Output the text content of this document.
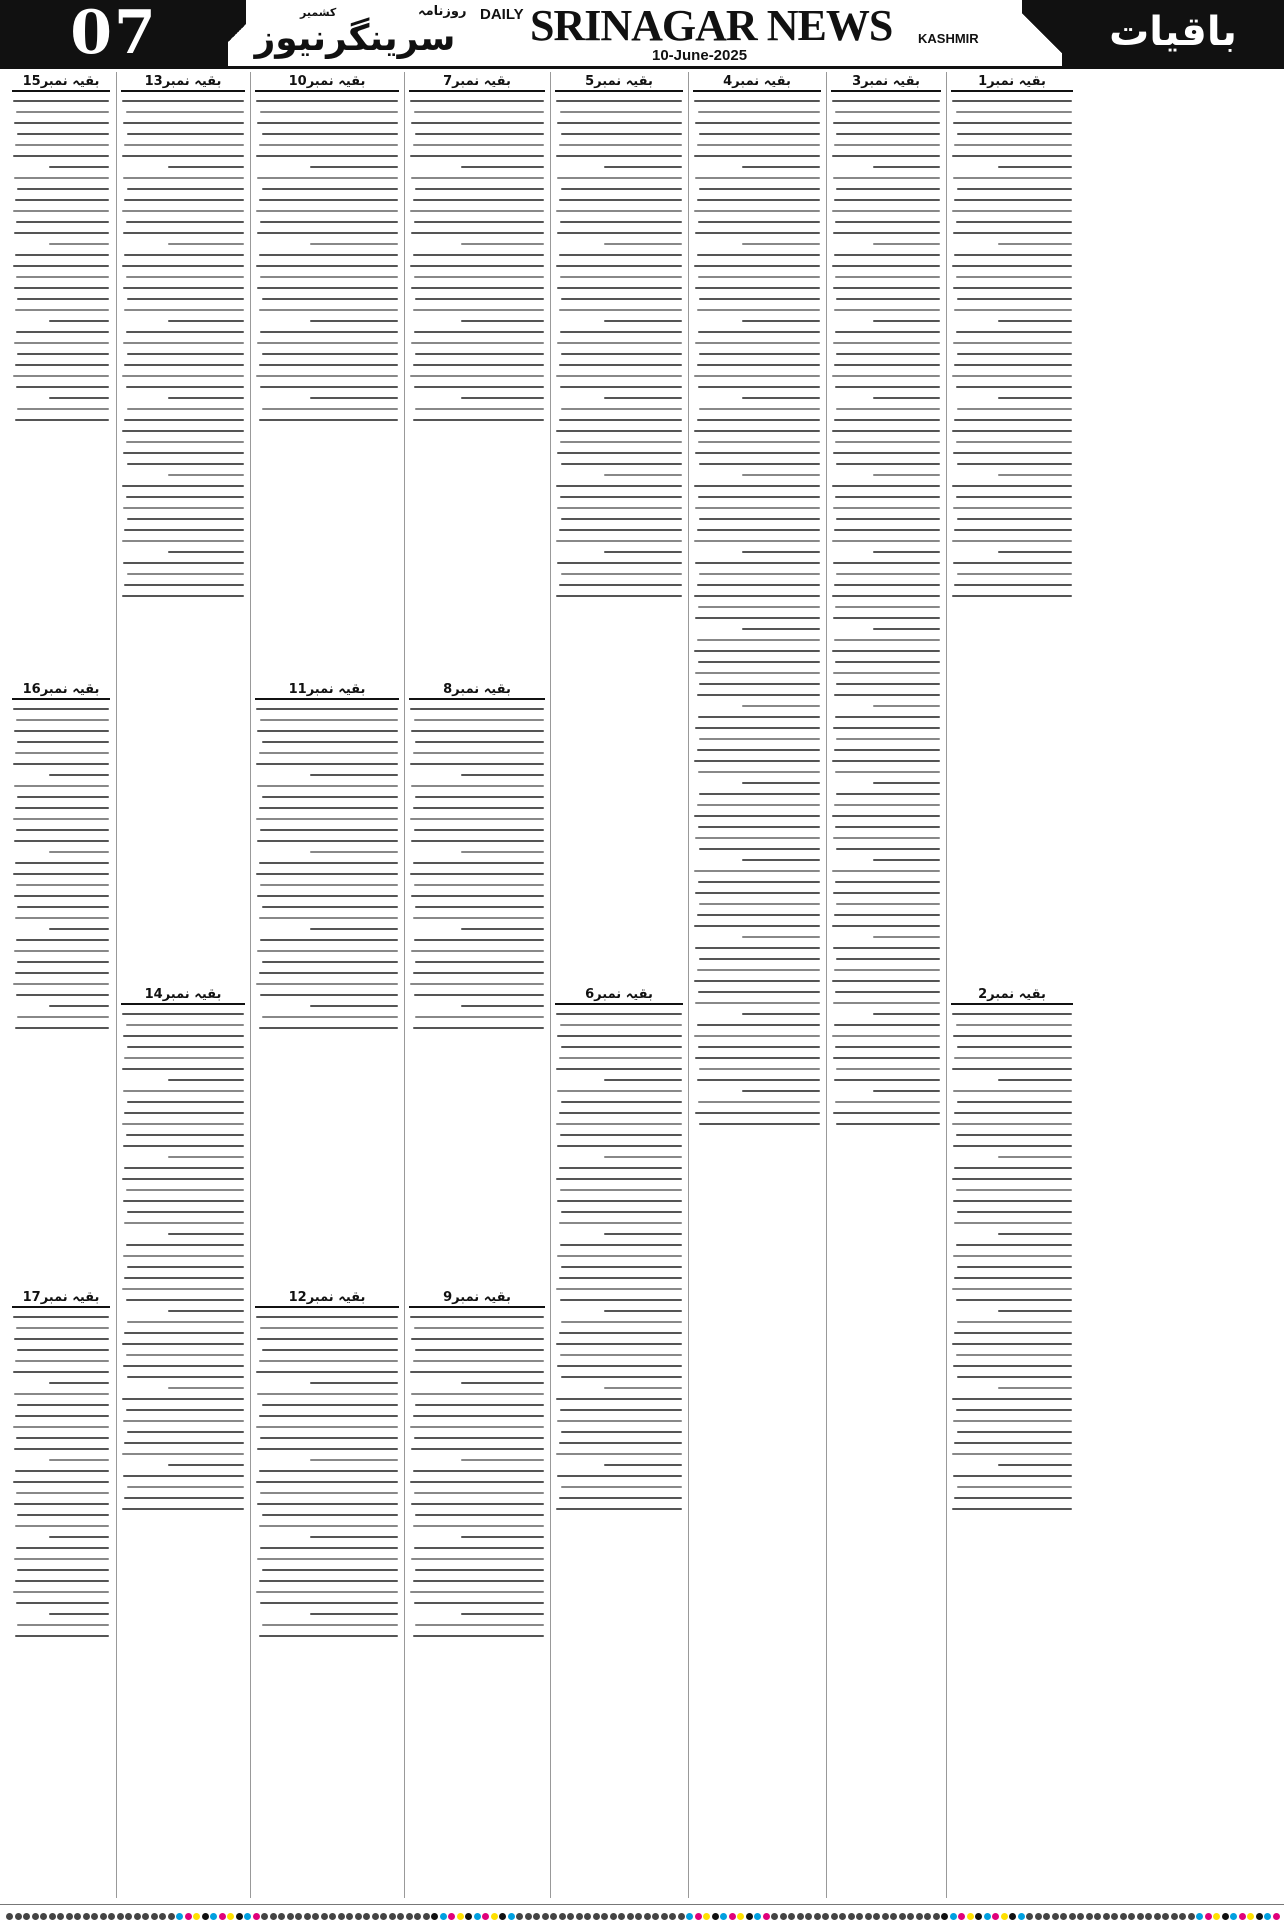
07	روزنامہ
کشمیر
سرینگرنیوز
DAILY SRINAGAR NEWS KASHMIR
10-June-2025
باقیات
بقیہ نمبر15
بقیہ نمبر16
بقیہ نمبر17
بقیہ نمبر13
بقیہ نمبر14
بقیہ نمبر10
بقیہ نمبر11
بقیہ نمبر12
بقیہ نمبر7
بقیہ نمبر8
بقیہ نمبر9
بقیہ نمبر5
بقیہ نمبر6
بقیہ نمبر4	بقیہ نمبر3	بقیہ نمبر1
بقیہ نمبر2
